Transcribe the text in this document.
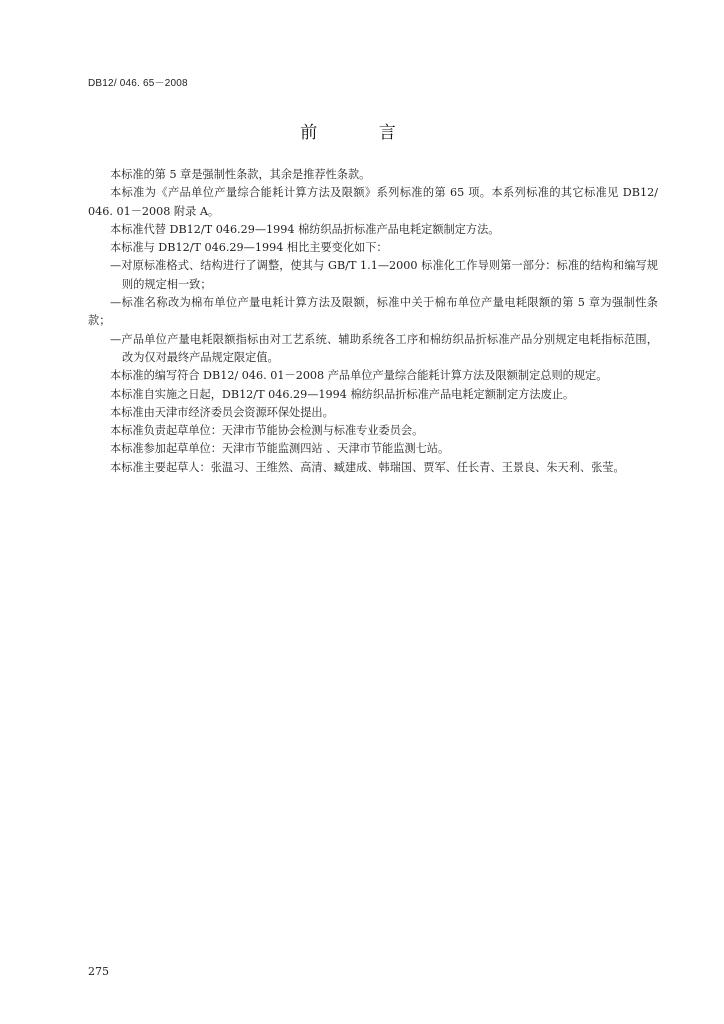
DB12/ 046. 65－2008
前 言

本标准的第 5 章是强制性条款，其余是推荐性条款。

本标准为《产品单位产量综合能耗计算方法及限额》系列标准的第 65 项。本系列标准的其它标准见 DB12/ 046. 01－2008 附录 A。

本标准代替 DB12/T 046.29—1994 棉纺织品折标准产品电耗定额制定方法。

本标准与 DB12/T 046.29—1994 相比主要变化如下：

—对原标准格式、结构进行了调整，使其与 GB/T 1.1—2000 标准化工作导则第一部分：标准的结构和编写规则的规定相一致；

—标准名称改为棉布单位产量电耗计算方法及限额，标准中关于棉布单位产量电耗限额的第 5 章为强制性条款；

—产品单位产量电耗限额指标由对工艺系统、辅助系统各工序和棉纺织品折标准产品分别规定电耗指标范围，改为仅对最终产品规定限定值。

本标准的编写符合 DB12/ 046. 01－2008 产品单位产量综合能耗计算方法及限额制定总则的规定。

本标准自实施之日起，DB12/T 046.29—1994 棉纺织品折标准产品电耗定额制定方法废止。

本标准由天津市经济委员会资源环保处提出。

本标准负责起草单位：天津市节能协会检测与标准专业委员会。

本标准参加起草单位：天津市节能监测四站 、天津市节能监测七站。

本标准主要起草人：张温习、王维然、高清、臧建成、韩瑞国、贾军、任长青、王景良、朱天利、张莹。

275
